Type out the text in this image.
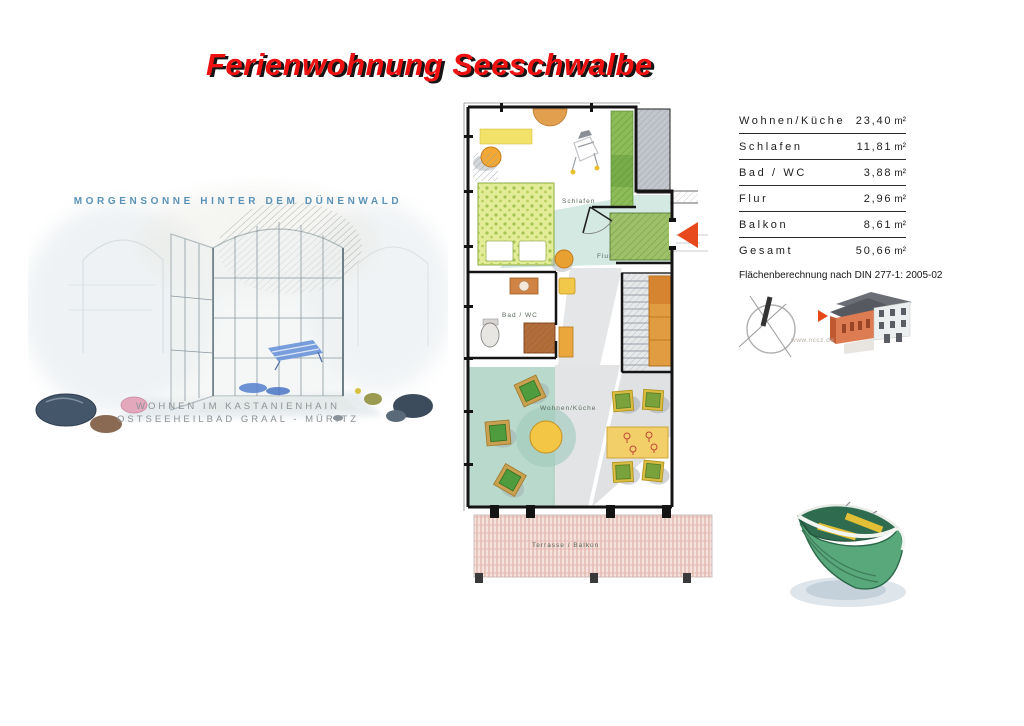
Ferienwohnung Seeschwalbe
MORGENSONNE HINTER DEM DÜNENWALD
WOHNEN IM KASTANIENHAIN
OSTSEEHEILBAD GRAAL - MÜRITZ
Schlafen
Flur
Bad / WC
Wohnen/Küche
Terrasse / Balkon
Wohnen/Küche 23,40 m²
Schlafen	11,81 m²
Bad / WC	3,88 m²
Flur	2,96 m²
Balkon	8,61 m²
Gesamt	50,66 m²
Flächenberechnung nach DIN 277-1: 2005-02
www.nccz.de
